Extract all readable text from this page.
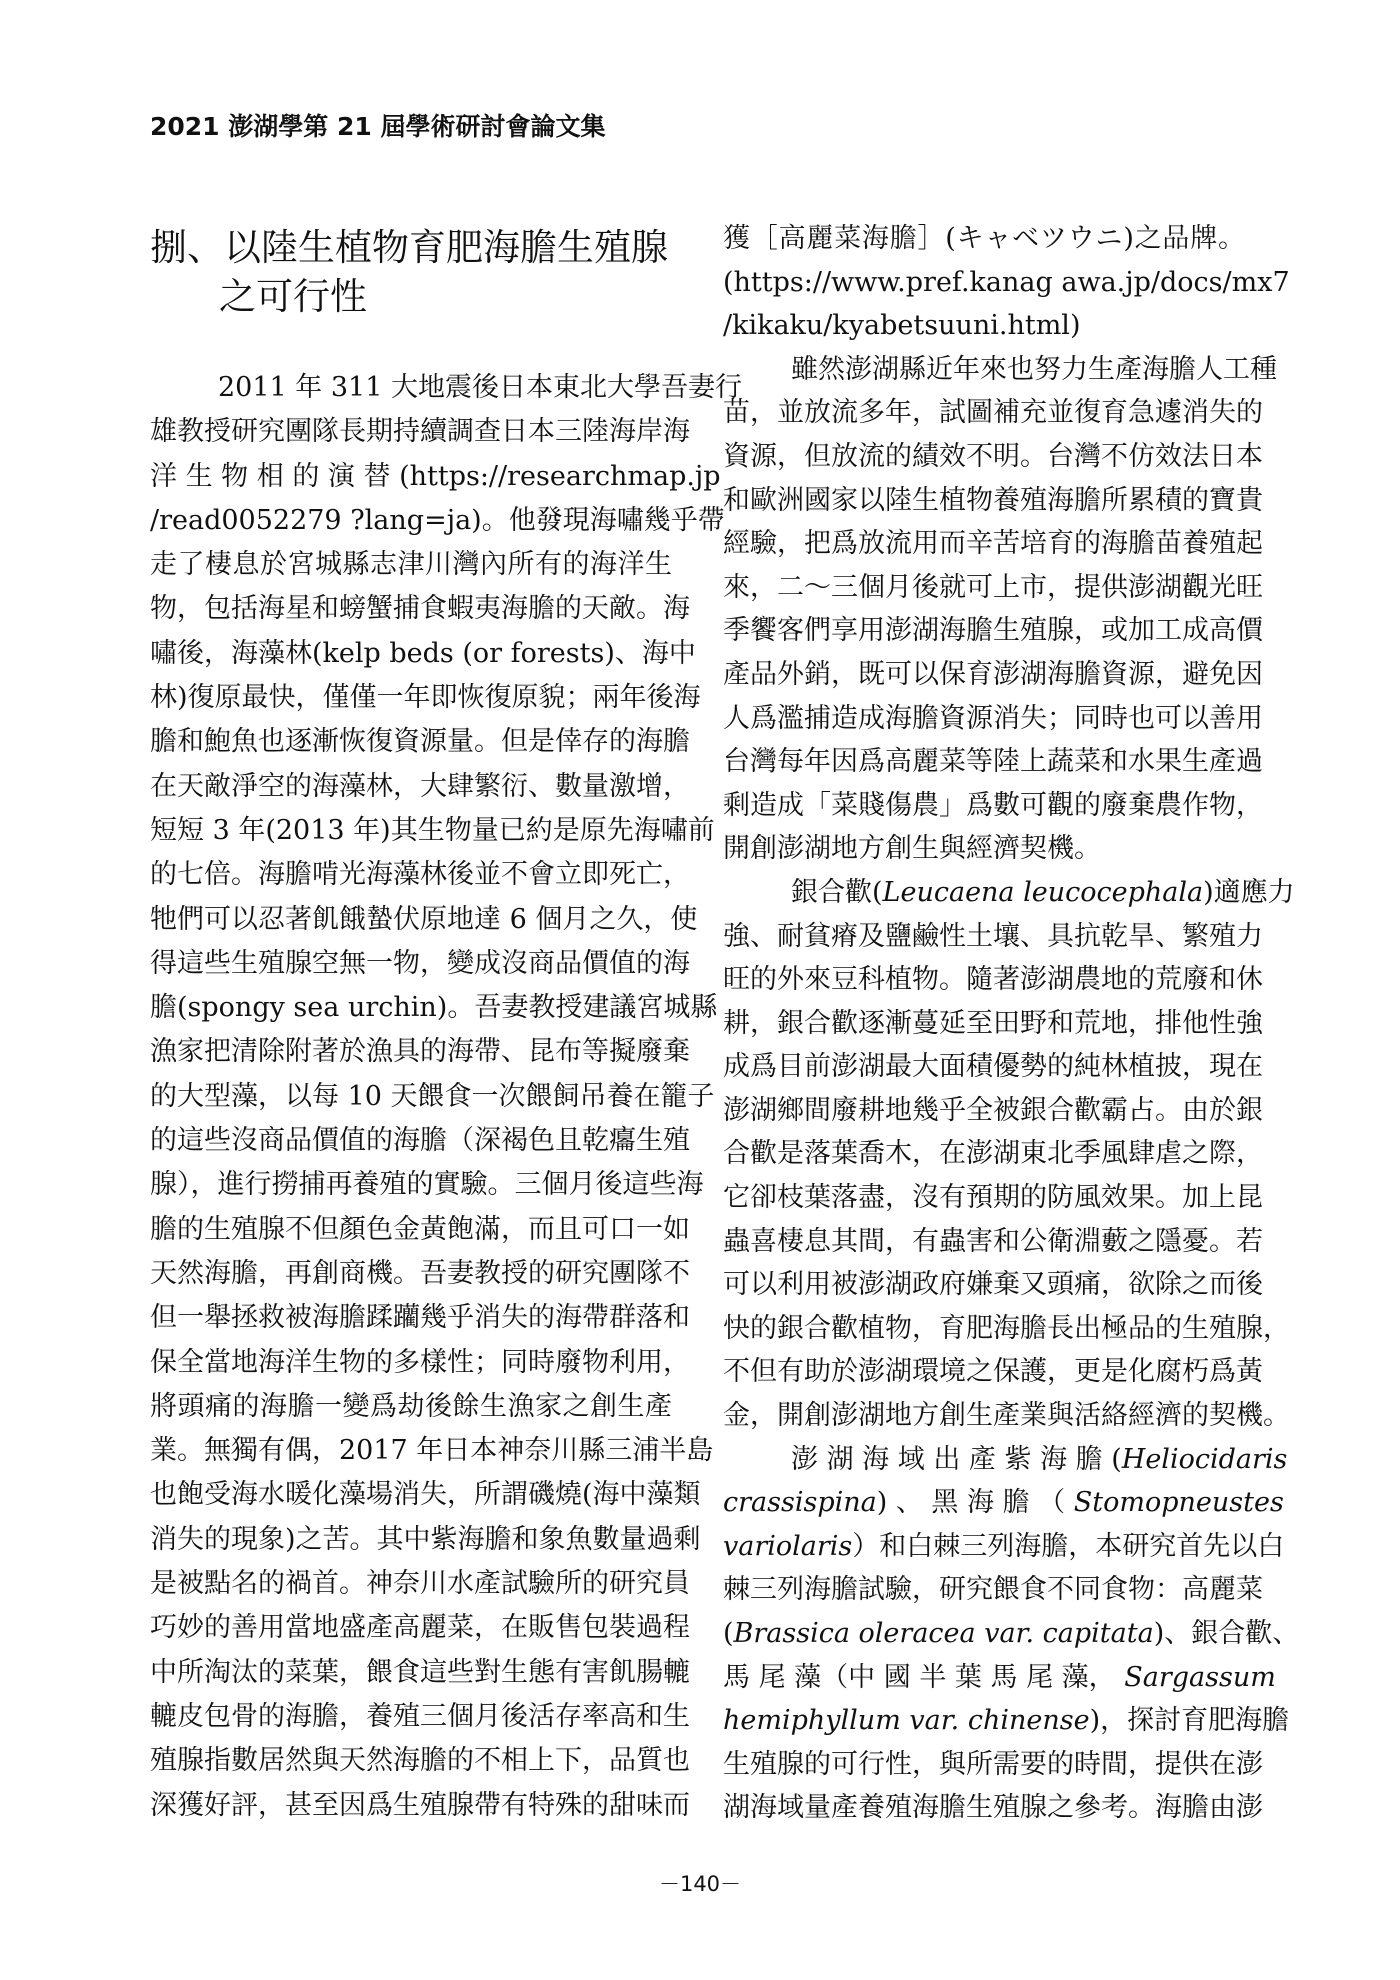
2021 澎湖學第 21 屆學術研討會論文集
捌、以陸生植物育肥海膽生殖腺
之可行性
2011 年 311 大地震後日本東北大學吾妻行
雄教授研究團隊長期持續調查日本三陸海岸海
洋 生 物 相 的 演 替 (https://researchmap.jp
/read0052279 ?lang=ja)。他發現海嘯幾乎帶
走了棲息於宮城縣志津川灣內所有的海洋生
物，包括海星和螃蟹捕食蝦夷海膽的天敵。海
嘯後，海藻林(kelp beds (or forests)、海中
林)復原最快，僅僅一年即恢復原貌；兩年後海
膽和鮑魚也逐漸恢復資源量。但是倖存的海膽
在天敵淨空的海藻林，大肆繁衍、數量激增，
短短 3 年(2013 年)其生物量已約是原先海嘯前
的七倍。海膽啃光海藻林後並不會立即死亡，
牠們可以忍著飢餓蟄伏原地達 6 個月之久，使
得這些生殖腺空無一物，變成沒商品價值的海
膽(spongy sea urchin)。吾妻教授建議宮城縣
漁家把清除附著於漁具的海帶、昆布等擬廢棄
的大型藻，以每 10 天餵食一次餵飼吊養在籠子
的這些沒商品價值的海膽（深褐色且乾癟生殖
腺），進行撈捕再養殖的實驗。三個月後這些海
膽的生殖腺不但顏色金黃飽滿，而且可口一如
天然海膽，再創商機。吾妻教授的研究團隊不
但一舉拯救被海膽蹂躪幾乎消失的海帶群落和
保全當地海洋生物的多樣性；同時廢物利用，
將頭痛的海膽一變爲劫後餘生漁家之創生產
業。無獨有偶，2017 年日本神奈川縣三浦半島
也飽受海水暖化藻場消失，所謂磯燒(海中藻類
消失的現象)之苦。其中紫海膽和象魚數量過剩
是被點名的禍首。神奈川水產試驗所的研究員
巧妙的善用當地盛產高麗菜，在販售包裝過程
中所淘汰的菜葉，餵食這些對生態有害飢腸轆
轆皮包骨的海膽，養殖三個月後活存率高和生
殖腺指數居然與天然海膽的不相上下，品質也
深獲好評，甚至因爲生殖腺帶有特殊的甜味而
獲［高麗菜海膽］(キャベツウニ)之品牌。
(https://www.pref.kanag awa.jp/docs/mx7
/kikaku/kyabetsuuni.html)
雖然澎湖縣近年來也努力生產海膽人工種
苗，並放流多年，試圖補充並復育急遽消失的
資源，但放流的績效不明。台灣不仿效法日本
和歐洲國家以陸生植物養殖海膽所累積的寶貴
經驗，把爲放流用而辛苦培育的海膽苗養殖起
來，二～三個月後就可上市，提供澎湖觀光旺
季饗客們享用澎湖海膽生殖腺，或加工成高價
產品外銷，既可以保育澎湖海膽資源，避免因
人爲濫捕造成海膽資源消失；同時也可以善用
台灣每年因爲高麗菜等陸上蔬菜和水果生產過
剩造成「菜賤傷農」爲數可觀的廢棄農作物，
開創澎湖地方創生與經濟契機。
銀合歡(Leucaena leucocephala)適應力
強、耐貧瘠及鹽鹼性土壤、具抗乾旱、繁殖力
旺的外來豆科植物。隨著澎湖農地的荒廢和休
耕，銀合歡逐漸蔓延至田野和荒地，排他性強
成爲目前澎湖最大面積優勢的純林植披，現在
澎湖鄉間廢耕地幾乎全被銀合歡霸占。由於銀
合歡是落葉喬木，在澎湖東北季風肆虐之際，
它卻枝葉落盡，沒有預期的防風效果。加上昆
蟲喜棲息其間，有蟲害和公衛淵藪之隱憂。若
可以利用被澎湖政府嫌棄又頭痛，欲除之而後
快的銀合歡植物，育肥海膽長出極品的生殖腺，
不但有助於澎湖環境之保護，更是化腐朽爲黃
金，開創澎湖地方創生產業與活絡經濟的契機。
澎 湖 海 域 出 產 紫 海 膽 (Heliocidaris
crassispina) 、 黑 海 膽 （ Stomopneustes
variolaris）和白棘三列海膽，本研究首先以白
棘三列海膽試驗，研究餵食不同食物：高麗菜
(Brassica oleracea var. capitata)、銀合歡、
馬 尾 藻（中 國 半 葉 馬 尾 藻， Sargassum
hemiphyllum var. chinense)，探討育肥海膽
生殖腺的可行性，與所需要的時間，提供在澎
湖海域量產養殖海膽生殖腺之參考。海膽由澎
－140－
